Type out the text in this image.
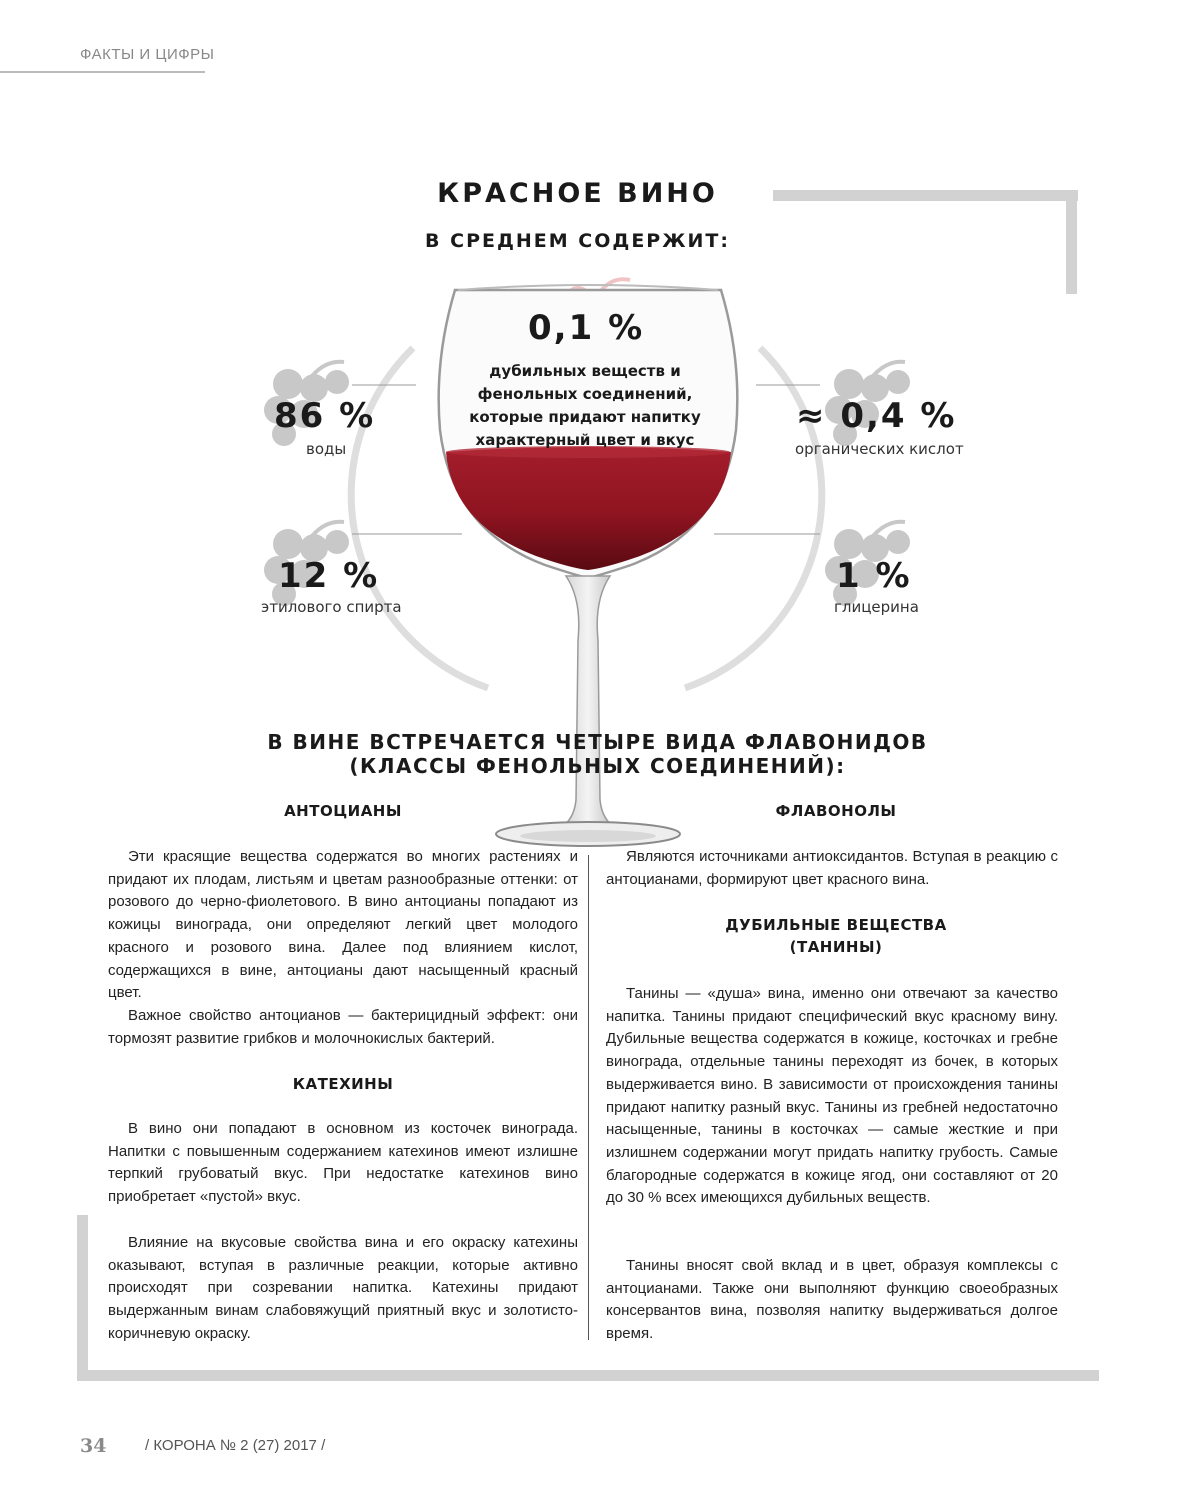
ФАКТЫ И ЦИФРЫ
КРАСНОЕ ВИНО
В СРЕДНЕМ СОДЕРЖИТ:
0,1 %
дубильных веществ и фенольных соединений, которые придают напитку характерный цвет и вкус
86 %
воды
≈ 0,4 %
органических кислот
12 %
этилового спирта
1 %
глицерина
В ВИНЕ ВСТРЕЧАЕТСЯ ЧЕТЫРЕ ВИДА ФЛАВОНИДОВ
(КЛАССЫ ФЕНОЛЬНЫХ СОЕДИНЕНИЙ):
АНТОЦИАНЫ
Эти красящие вещества содержатся во многих растениях и придают их плодам, листьям и цветам разнообразные оттенки: от розового до черно-фиолетового. В вино антоцианы попадают из кожицы винограда, они определяют легкий цвет молодого красного и розового вина. Далее под влиянием кислот, содержащихся в вине, антоцианы дают насыщенный красный цвет.
Важное свойство антоцианов — бактерицидный эффект: они тормозят развитие грибков и молочнокислых бактерий.
КАТЕХИНЫ
В вино они попадают в основном из косточек винограда. Напитки с повышенным содержанием катехинов имеют излишне терпкий грубоватый вкус. При недостатке катехинов вино приобретает «пустой» вкус.
Влияние на вкусовые свойства вина и его окраску катехины оказывают, вступая в различные реакции, которые активно происходят при созревании напитка. Катехины придают выдержанным винам слабовяжущий приятный вкус и золотисто-коричневую окраску.
ФЛАВОНОЛЫ
Являются источниками антиоксидантов. Вступая в реакцию с антоцианами, формируют цвет красного вина.
ДУБИЛЬНЫЕ ВЕЩЕСТВА
(ТАНИНЫ)
Танины — «душа» вина, именно они отвечают за качество напитка. Танины придают специфический вкус красному вину. Дубильные вещества содержатся в кожице, косточках и гребне винограда, отдельные танины переходят из бочек, в которых выдерживается вино. В зависимости от происхождения танины придают напитку разный вкус. Танины из гребней недостаточно насыщенные, танины в косточках — самые жесткие и при излишнем содержании могут придать напитку грубость. Самые благородные содержатся в кожице ягод, они составляют от 20 до 30 % всех имеющихся дубильных веществ.
Танины вносят свой вклад и в цвет, образуя комплексы с антоцианами. Также они выполняют функцию своеобразных консервантов вина, позволяя напитку выдерживаться долгое время.
34	/ КОРОНА № 2 (27) 2017 /
